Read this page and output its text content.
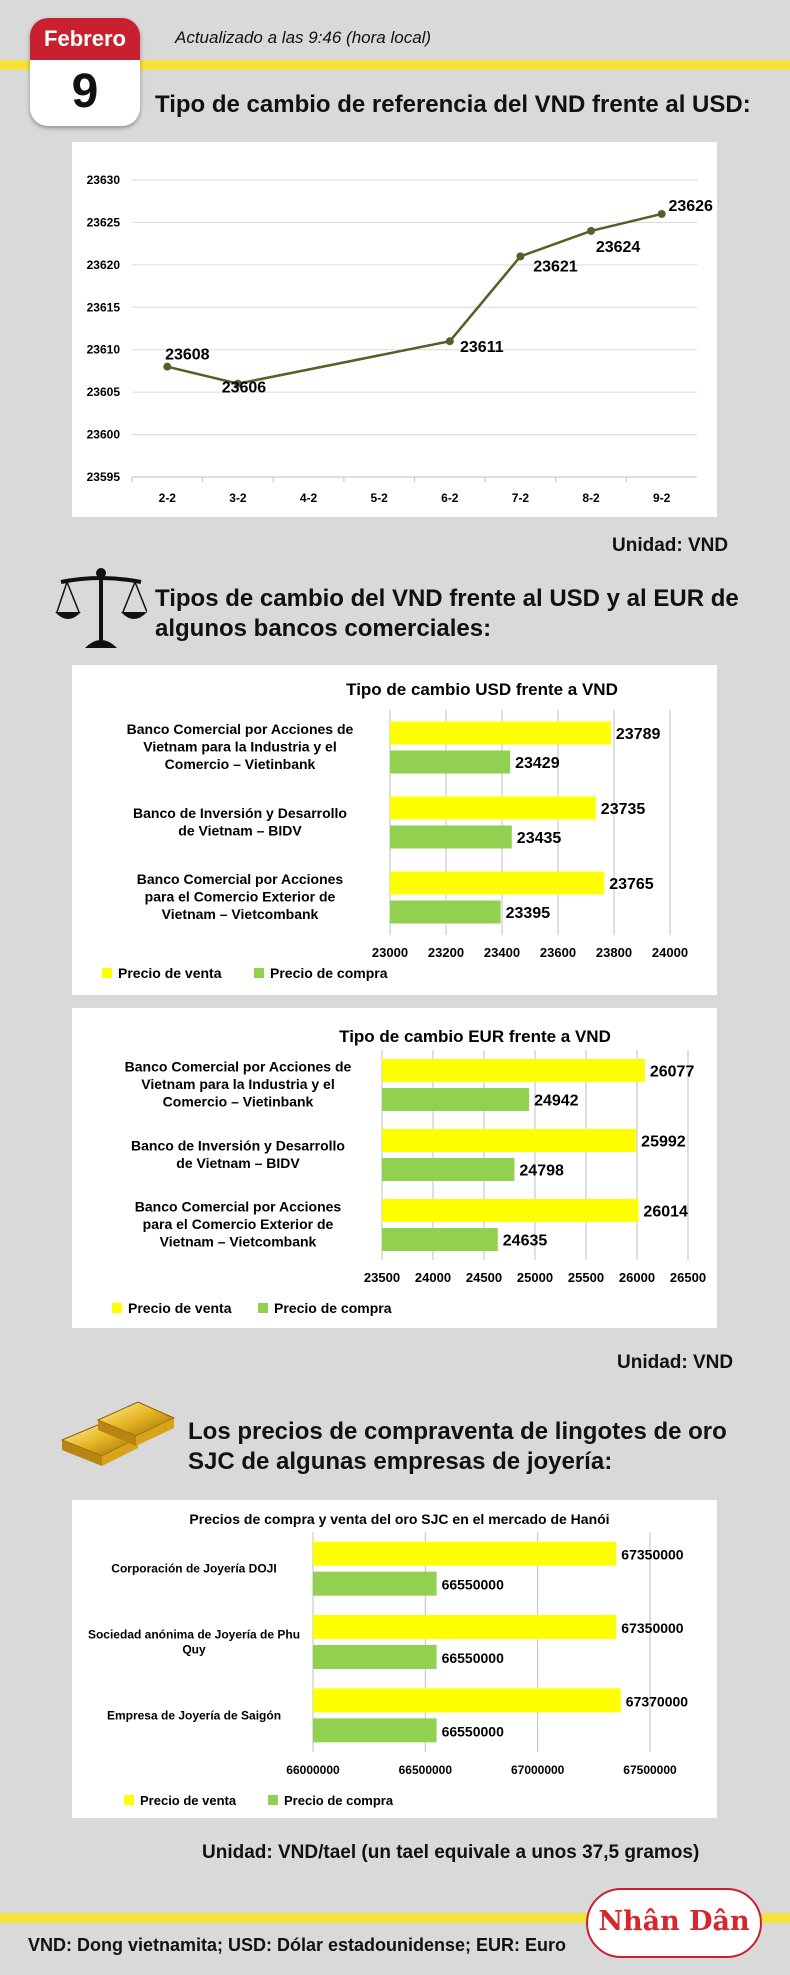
Febrero
9
Actualizado a las 9:46 (hora local)
Tipo de cambio de referencia del VND frente al USD:
23595
23600
23605
23610
23615
23620
23625
23630
2-2	3-2	4-2	5-2	6-2	7-2	8-2	9-2
23608
23606
23611
23621
23624
23626
Unidad: VND
Tipos de cambio del VND frente al USD y al EUR de algunos bancos comerciales:
Tipo de cambio USD frente a VND
23000 23200 23400 23600 23800 24000
Banco Comercial por Acciones de
Vietnam para la Industria y el
Comercio – Vietinbank
23789
23429
Banco de Inversión y Desarrollo
de Vietnam – BIDV
23735
23435
Banco Comercial por Acciones
para el Comercio Exterior de
Vietnam – Vietcombank
23765
23395
Precio de venta	Precio de compra
Tipo de cambio EUR frente a VND
23500 24000 24500 25000 25500 26000 26500
Banco Comercial por Acciones de
Vietnam para la Industria y el
Comercio – Vietinbank
26077
24942
Banco de Inversión y Desarrollo
de Vietnam – BIDV
25992
24798
Banco Comercial por Acciones
para el Comercio Exterior de
Vietnam – Vietcombank
26014
24635
Precio de venta	Precio de compra
Unidad: VND
Los precios de compraventa de lingotes de oro SJC de algunas empresas de joyería:
Precios de compra y venta del oro SJC en el mercado de Hanói
66000000	66500000	67000000	67500000
Corporación de Joyería DOJI
67350000
66550000
Sociedad anónima de Joyería de Phu
Quy
67350000
66550000
Empresa de Joyería de Saigón
67370000
66550000
Precio de venta	Precio de compra
Unidad: VND/tael (un tael equivale a unos 37,5 gramos)
VND: Dong vietnamita; USD: Dólar estadounidense; EUR: Euro
Nhân Dân
